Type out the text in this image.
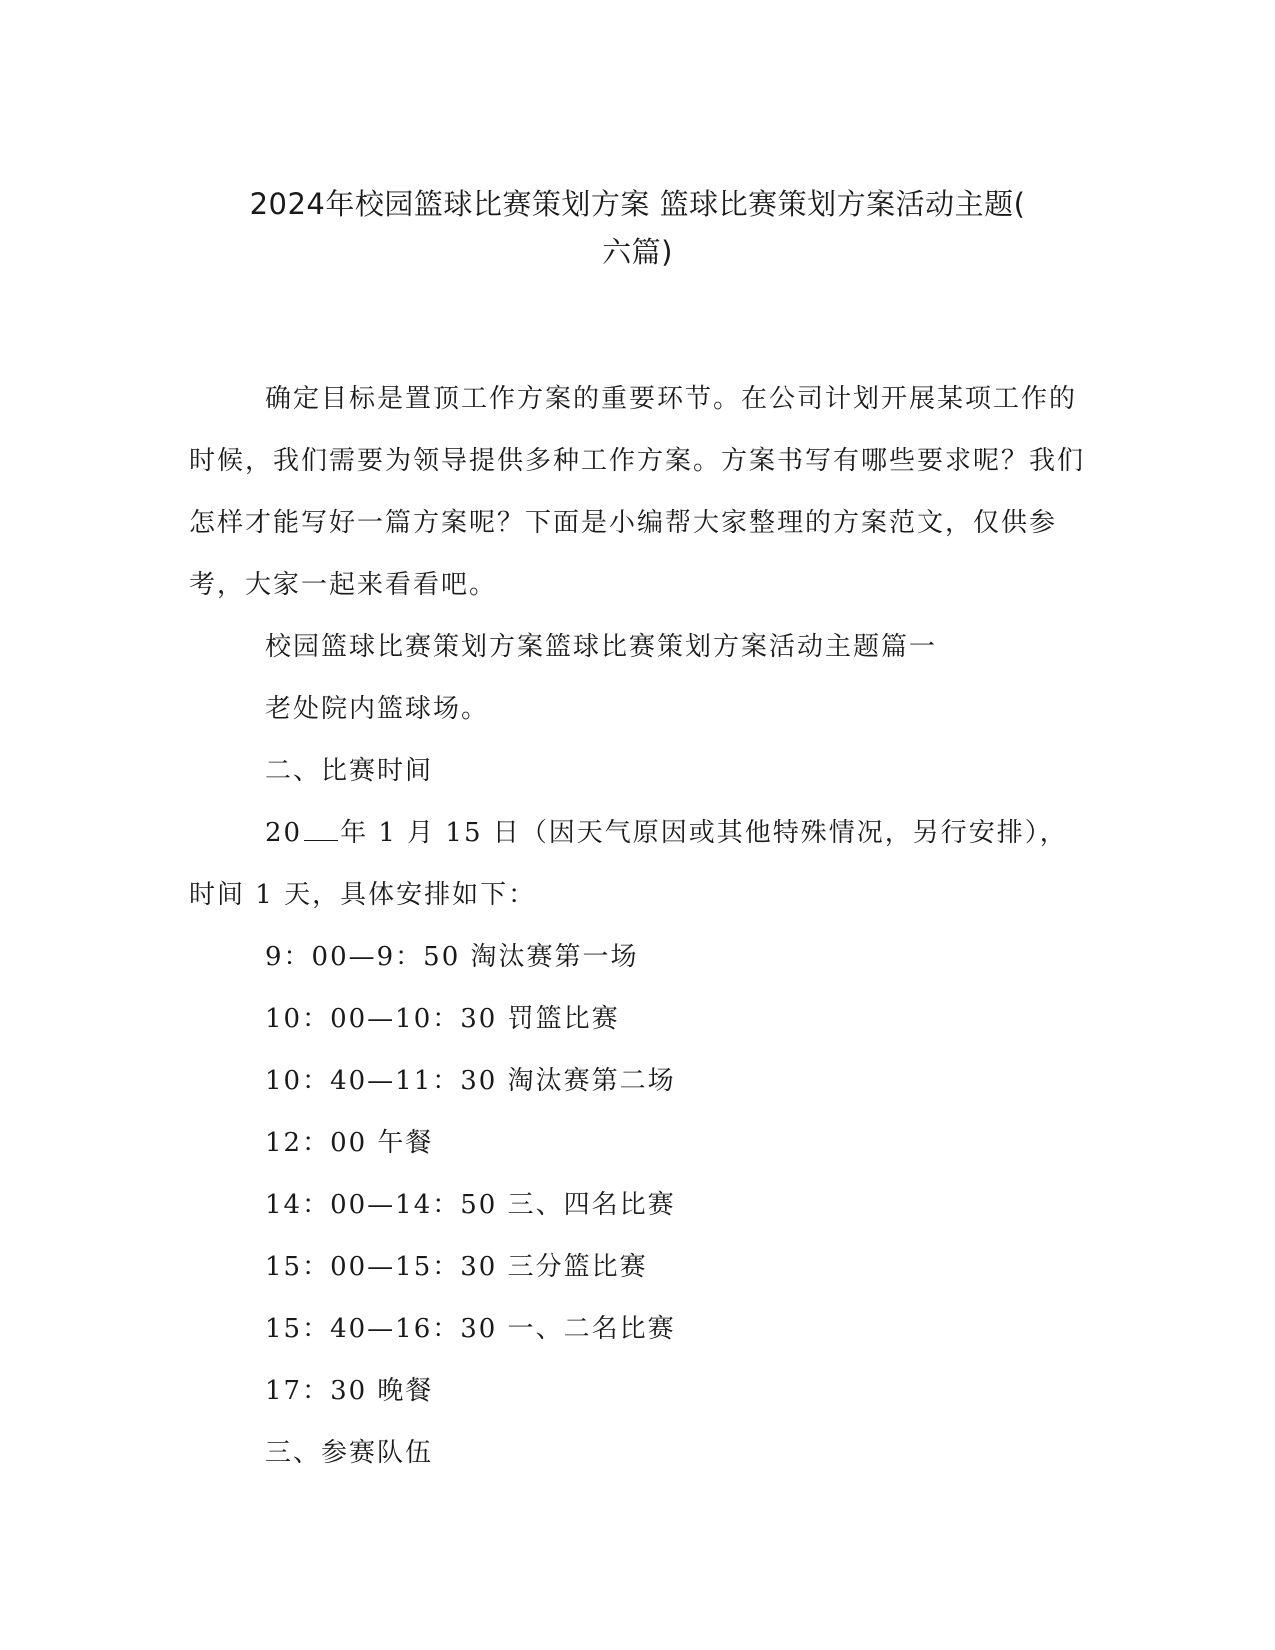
2024年校园篮球比赛策划方案 篮球比赛策划方案活动主题(
六篇)

确定目标是置顶工作方案的重要环节。在公司计划开展某项工作的时候，我们需要为领导提供多种工作方案。方案书写有哪些要求呢？我们怎样才能写好一篇方案呢？下面是小编帮大家整理的方案范文，仅供参考，大家一起来看看吧。

校园篮球比赛策划方案篮球比赛策划方案活动主题篇一

老处院内篮球场。

二、比赛时间

20 年 1 月 15 日（因天气原因或其他特殊情况，另行安排），

时间 1 天，具体安排如下：

9：00—9：50 淘汰赛第一场

10：00—10：30 罚篮比赛

10：40—11：30 淘汰赛第二场

12：00 午餐

14：00—14：50 三、四名比赛

15：00—15：30 三分篮比赛

15：40—16：30 一、二名比赛

17：30 晚餐

三、参赛队伍
